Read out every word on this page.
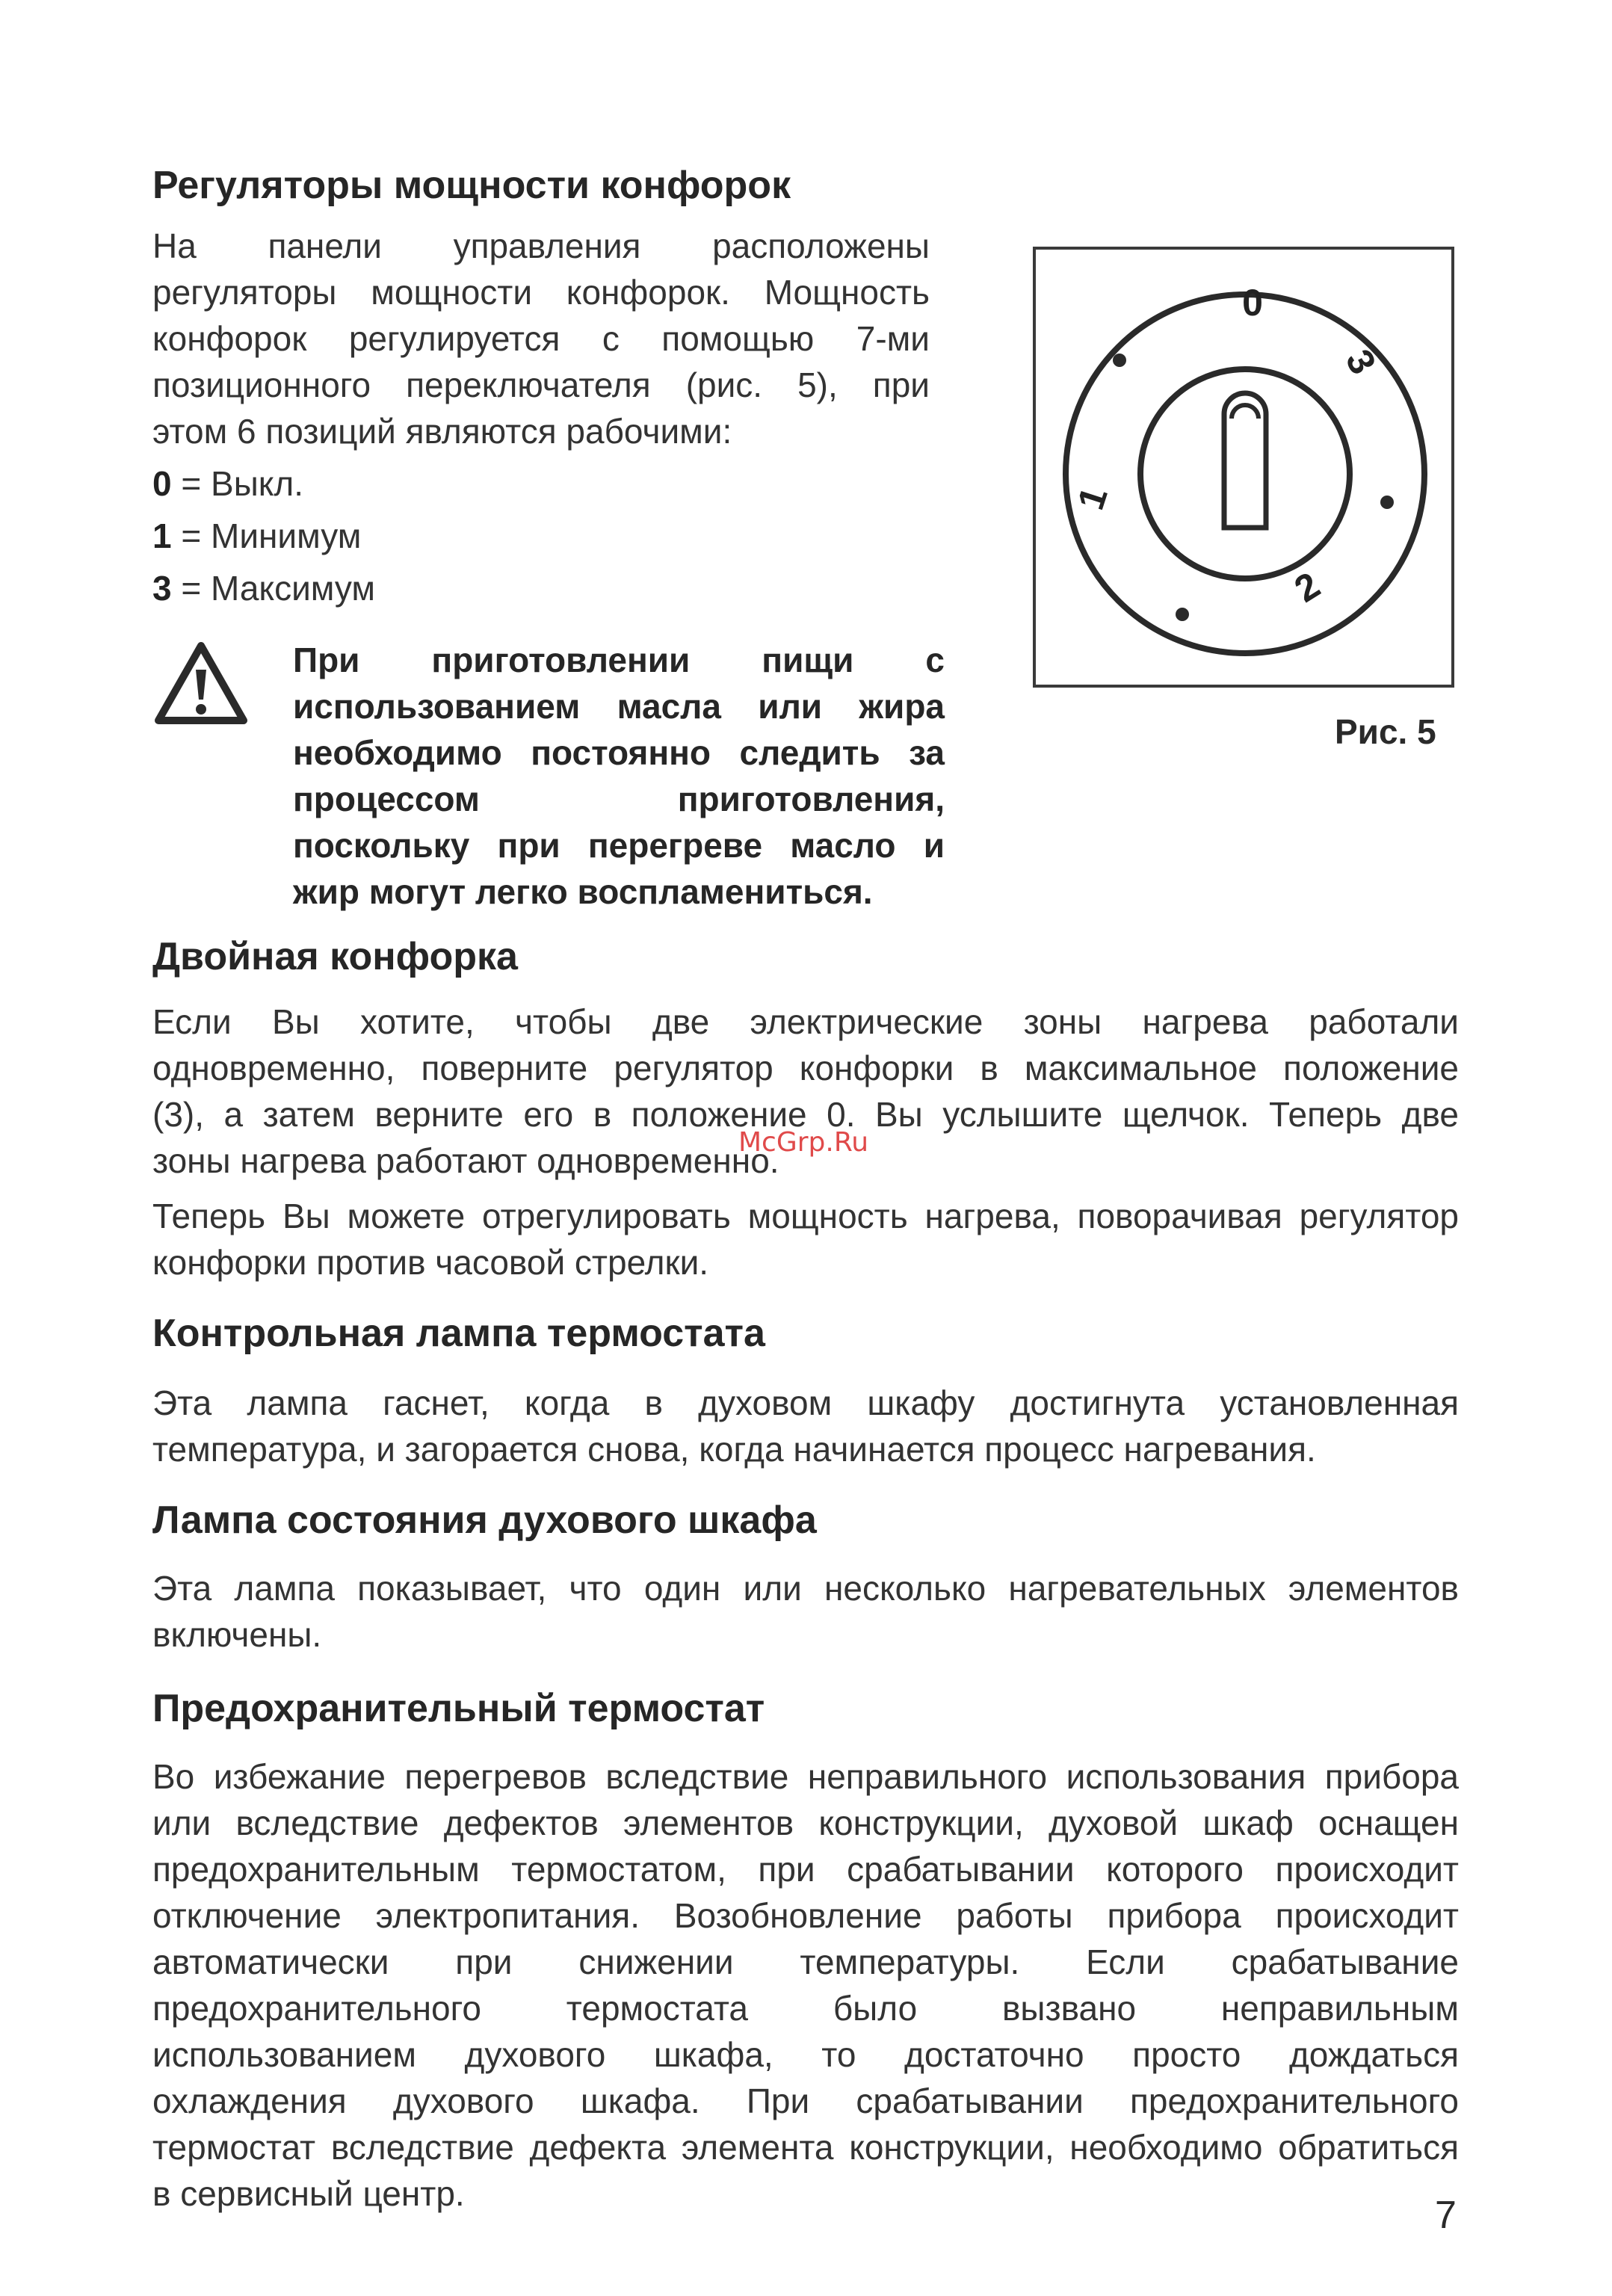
Регуляторы мощности конфорок
На панели управления расположены
регуляторы мощности конфорок. Мощность
конфорок регулируется с помощью 7-ми
позиционного переключателя (рис. 5), при
этом 6 позиций являются рабочими:
0 = Выкл.
1 = Минимум
3 = Максимум
При приготовлении пищи с
использованием масла или жира
необходимо постоянно следить за
процессом приготовления,
поскольку при перегреве масло и
жир могут легко воспламениться.
0
3
2
1
Рис. 5
Двойная конфорка
Если Вы хотите, чтобы две электрические зоны нагрева работали
одновременно, поверните регулятор конфорки в максимальное положение
(3), а затем верните его в положение 0. Вы услышите щелчок. Теперь две
зоны нагрева работают одновременно.
Теперь Вы можете отрегулировать мощность нагрева, поворачивая регулятор
конфорки против часовой стрелки.
Контрольная лампа термостата
Эта лампа гаснет, когда в духовом шкафу достигнута установленная
температура, и загорается снова, когда начинается процесс нагревания.
Лампа состояния духового шкафа
Эта лампа показывает, что один или несколько нагревательных элементов
включены.
Предохранительный термостат
Во избежание перегревов вследствие неправильного использования прибора
или вследствие дефектов элементов конструкции, духовой шкаф оснащен
предохранительным термостатом, при срабатывании которого происходит
отключение электропитания. Возобновление работы прибора происходит
автоматически при снижении температуры. Если срабатывание
предохранительного термостата было вызвано неправильным
использованием духового шкафа, то достаточно просто дождаться
охлаждения духового шкафа. При срабатывании предохранительного
термостат вследствие дефекта элемента конструкции, необходимо обратиться
в сервисный центр.
McGrp.Ru
7
